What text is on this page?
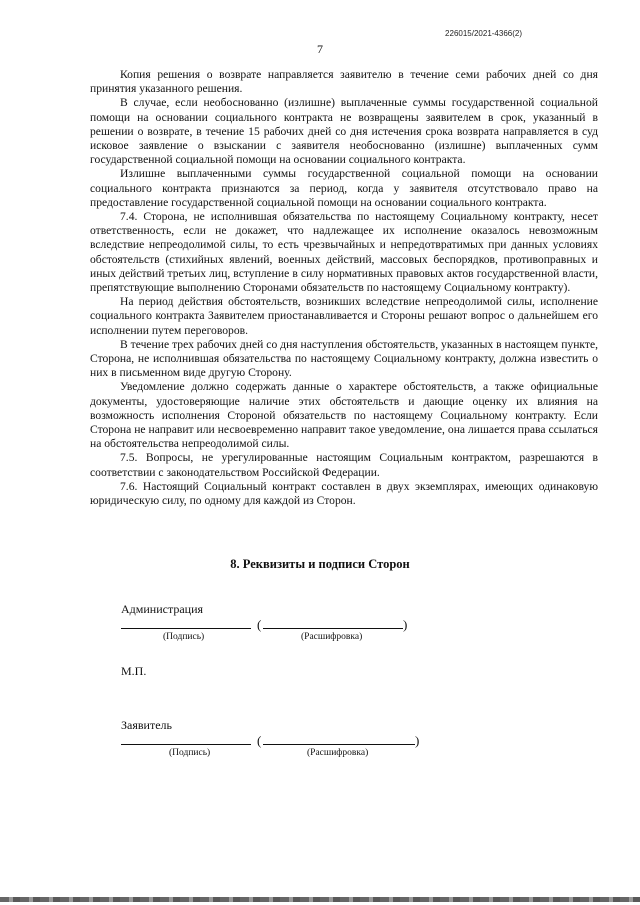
226015/2021-4366(2)
7

Копия решения о возврате направляется заявителю в течение семи рабочих дней со дня принятия указанного решения.

В случае, если необоснованно (излишне) выплаченные суммы государственной социальной помощи на основании социального контракта не возвращены заявителем в срок, указанный в решении о возврате, в течение 15 рабочих дней со дня истечения срока возврата направляется в суд исковое заявление о взыскании с заявителя необоснованно (излишне) выплаченных сумм государственной социальной помощи на основании социального контракта.

Излишне выплаченными суммы государственной социальной помощи на основании социального контракта признаются за период, когда у заявителя отсутствовало право на предоставление государственной социальной помощи на основании социального контракта.

7.4. Сторона, не исполнившая обязательства по настоящему Социальному контракту, несет ответственность, если не докажет, что надлежащее их исполнение оказалось невозможным вследствие непреодолимой силы, то есть чрезвычайных и непредотвратимых при данных условиях обстоятельств (стихийных явлений, военных действий, массовых беспорядков, противоправных и иных действий третьих лиц, вступление в силу нормативных правовых актов государственной власти, препятствующие выполнению Сторонами обязательств по настоящему Социальному контракту).

На период действия обстоятельств, возникших вследствие непреодолимой силы, исполнение социального контракта Заявителем приостанавливается и Стороны решают вопрос о дальнейшем его исполнении путем переговоров.

В течение трех рабочих дней со дня наступления обстоятельств, указанных в настоящем пункте, Сторона, не исполнившая обязательства по настоящему Социальному контракту, должна известить о них в письменном виде другую Сторону.

Уведомление должно содержать данные о характере обстоятельств, а также официальные документы, удостоверяющие наличие этих обстоятельств и дающие оценку их влияния на возможность исполнения Стороной обязательств по настоящему Социальному контракту. Если Сторона не направит или несвоевременно направит такое уведомление, она лишается права ссылаться на обстоятельства непреодолимой силы.

7.5. Вопросы, не урегулированные настоящим Социальным контрактом, разрешаются в соответствии с законодательством Российской Федерации.

7.6. Настоящий Социальный контракт составлен в двух экземплярах, имеющих одинаковую юридическую силу, по одному для каждой из Сторон.

8. Реквизиты и подписи Сторон
Администрация
(	)
(Подпись)	(Расшифровка)
М.П.
Заявитель
(	)
(Подпись)	(Расшифровка)
